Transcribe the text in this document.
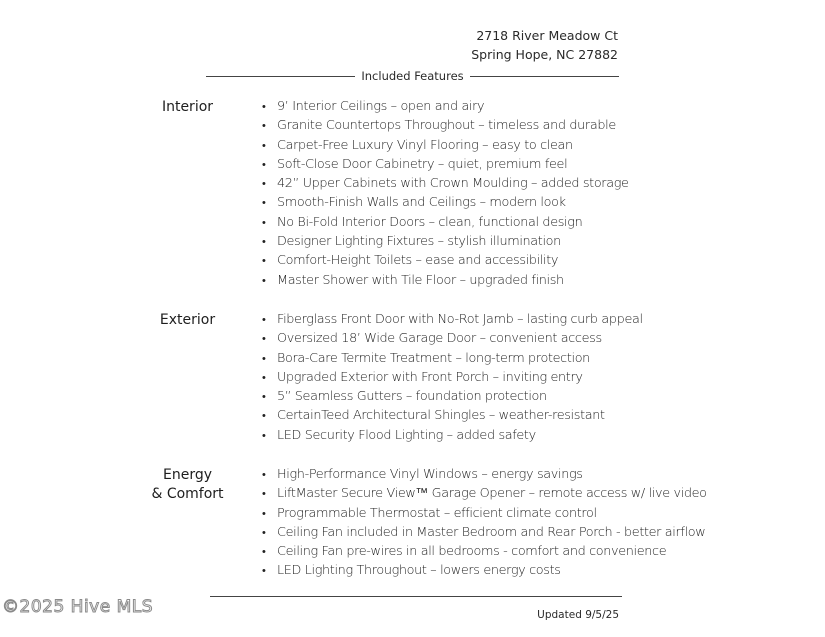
2718 River Meadow Ct
Spring Hope, NC 27882
Included Features
Interior	• 9’ Interior Ceilings – open and airy
• Granite Countertops Throughout – timeless and durable
• Carpet-Free Luxury Vinyl Flooring – easy to clean
• Soft-Close Door Cabinetry – quiet, premium feel
• 42” Upper Cabinets with Crown Moulding – added storage
• Smooth-Finish Walls and Ceilings – modern look
• No Bi-Fold Interior Doors – clean, functional design
• Designer Lighting Fixtures – stylish illumination
• Comfort-Height Toilets – ease and accessibility
• Master Shower with Tile Floor – upgraded finish
Exterior	• Fiberglass Front Door with No-Rot Jamb – lasting curb appeal
• Oversized 18’ Wide Garage Door – convenient access
• Bora-Care Termite Treatment – long-term protection
• Upgraded Exterior with Front Porch – inviting entry
• 5” Seamless Gutters – foundation protection
• CertainTeed Architectural Shingles – weather-resistant
• LED Security Flood Lighting – added safety
Energy
& Comfort
• High-Performance Vinyl Windows – energy savings
• LiftMaster Secure View™ Garage Opener – remote access w/ live video
• Programmable Thermostat – efficient climate control
• Ceiling Fan included in Master Bedroom and Rear Porch - better airflow
• Ceiling Fan pre-wires in all bedrooms - comfort and convenience
• LED Lighting Throughout – lowers energy costs
Updated 9/5/25
©2025 Hive MLS
